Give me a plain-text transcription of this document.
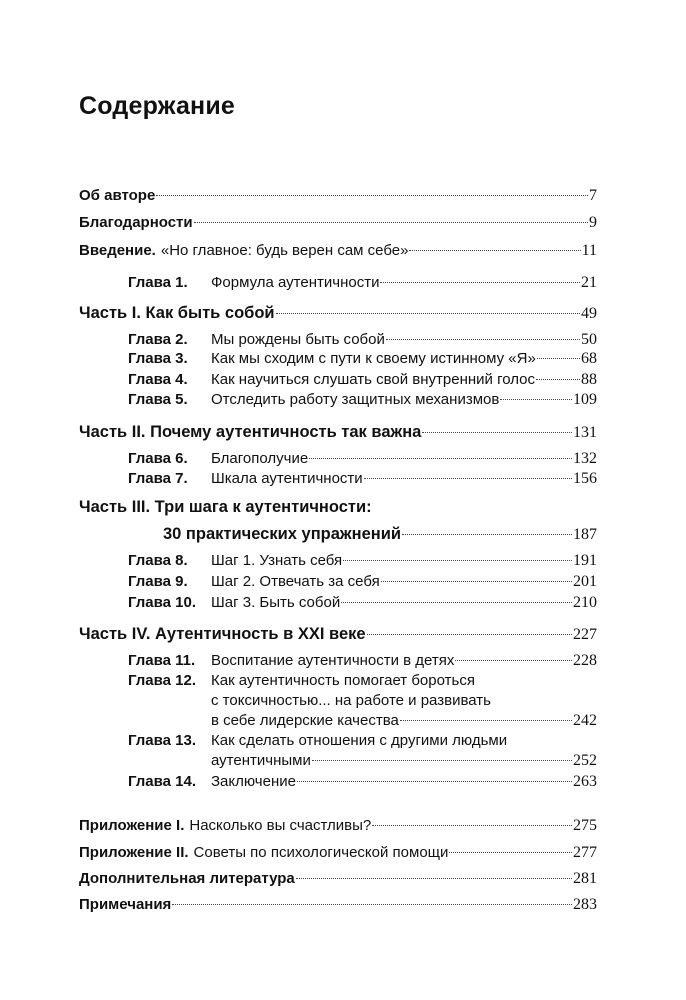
Содержание
Об авторе	7
Благодарности	9
Введение. «Но главное: будь верен сам себе»	11
Глава 1.	Формула аутентичности	21
Часть I. Как быть собой	49
Глава 2.	Мы рождены быть собой	50
Глава 3.	Как мы сходим с пути к своему истинному «Я»	68
Глава 4.	Как научиться слушать свой внутренний голос	88
Глава 5.	Отследить работу защитных механизмов	109
Часть II. Почему аутентичность так важна	131
Глава 6.	Благополучие	132
Глава 7.	Шкала аутентичности	156
Часть III. Три шага к аутентичности:
30 практических упражнений	187
Глава 8.	Шаг 1. Узнать себя	191
Глава 9.	Шаг 2. Отвечать за себя	201
Глава 10. Шаг 3. Быть собой	210
Часть IV. Аутентичность в XXI веке	227
Глава 11.	Воспитание аутентичности в детях	228
Глава 12. Как аутентичность помогает бороться
с токсичностью... на работе и развивать
в себе лидерские качества	242
Глава 13. Как сделать отношения с другими людьми
аутентичными	252
Глава 14. Заключение	263
Приложение I. Насколько вы счастливы?	275
Приложение II. Советы по психологической помощи	277
Дополнительная литература	281
Примечания	283
